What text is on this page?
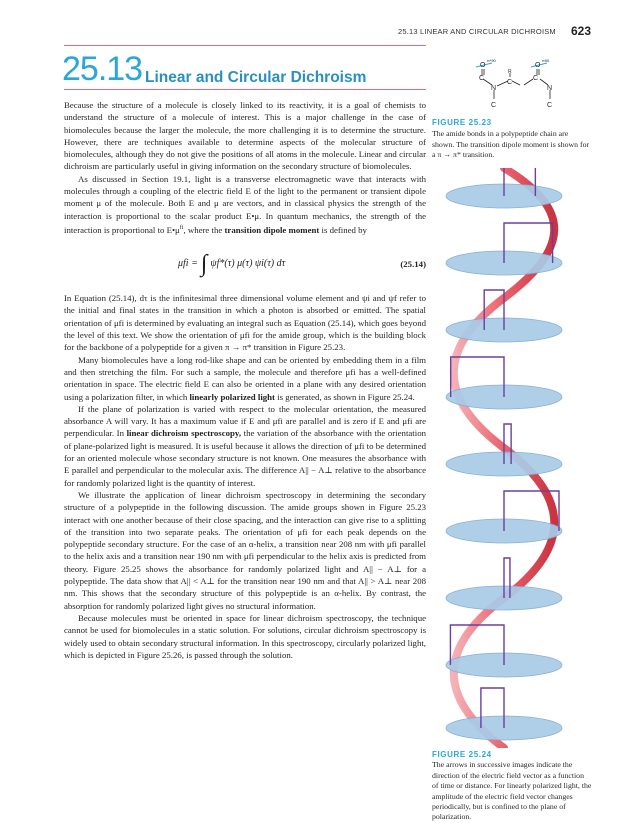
25.13 LINEAR AND CIRCULAR DICHROISM 623
25.13 Linear and Circular Dichroism

Because the structure of a molecule is closely linked to its reactivity, it is a goal of chemists to understand the structure of a molecule of interest. This is a major challenge in the case of biomolecules because the larger the molecule, the more challenging it is to determine the structure. However, there are techniques available to determine aspects of the molecular structure of biomolecules, although they do not give the positions of all atoms in the molecule. Linear and circular dichroism are particularly useful in giving information on the secondary structure of biomolecules.

As discussed in Section 19.1, light is a transverse electromagnetic wave that interacts with molecules through a coupling of the electric field E of the light to the permanent or transient dipole moment μ of the molecule. Both E and μ are vectors, and in classical physics the strength of the interaction is proportional to the scalar product E•μ. In quantum mechanics, the strength of the interaction is proportional to $E•\mu^{fi}$, where the transition dipole moment is defined by

μfi = ∫ ψf*(τ) μ(τ) ψi(τ) dτ	(25.14)

In Equation (25.14), dτ is the infinitesimal three dimensional volume element and ψi and ψf refer to the initial and final states in the transition in which a photon is absorbed or emitted. The spatial orientation of μfi is determined by evaluating an integral such as Equation (25.14), which goes beyond the level of this text. We show the orientation of μfi for the amide group, which is the building block for the backbone of a polypeptide for a given π → π* transition in Figure 25.23.

Many biomolecules have a long rod-like shape and can be oriented by embedding them in a film and then stretching the film. For such a sample, the molecule and therefore μfi has a well-defined orientation in space. The electric field E can also be oriented in a plane with any desired orientation using a polarization filter, in which linearly polarized light is generated, as shown in Figure 25.24.

If the plane of polarization is varied with respect to the molecular orientation, the measured absorbance A will vary. It has a maximum value if E and μfi are parallel and is zero if E and μfi are perpendicular. In linear dichroism spectroscopy, the variation of the absorbance with the orientation of plane-polarized light is measured. It is useful because it allows the direction of μfi to be determined for an oriented molecule whose secondary structure is not known. One measures the absorbance with E parallel and perpendicular to the molecular axis. The difference A|| − A⊥ relative to the absorbance for randomly polarized light is the quantity of interest.

We illustrate the application of linear dichroism spectroscopy in determining the secondary structure of a polypeptide in the following discussion. The amide groups shown in Figure 25.23 interact with one another because of their close spacing, and the interaction can give rise to a splitting of the transition into two separate peaks. The orientation of μfi for each peak depends on the polypeptide secondary structure. For the case of an α-helix, a transition near 208 nm with μfi parallel to the helix axis and a transition near 190 nm with μfi perpendicular to the helix axis is predicted from theory. Figure 25.25 shows the absorbance for randomly polarized light and A|| − A⊥ for a polypeptide. The data show that A|| < A⊥ for the transition near 190 nm and that A|| > A⊥ near 208 nm. This shows that the secondary structure of this polypeptide is an α-helix. By contrast, the absorption for randomly polarized light gives no structural information.

Because molecules must be oriented in space for linear dichroism spectroscopy, the technique cannot be used for biomolecules in a static solution. For solutions, circular dichroism spectroscopy is widely used to obtain secondary structural information. In this spectroscopy, circularly polarized light, which is depicted in Figure 25.26, is passed through the solution.

O	O
π*90	π90
C
N
R
C
C
N
C	C
FIGURE 25.23
The amide bonds in a polypeptide chain are shown. The transition dipole moment is shown for a π → π* transition.
FIGURE 25.24
The arrows in successive images indicate the direction of the electric field vector as a function of time or distance. For linearly polarized light, the amplitude of the electric field vector changes periodically, but is confined to the plane of polarization.
